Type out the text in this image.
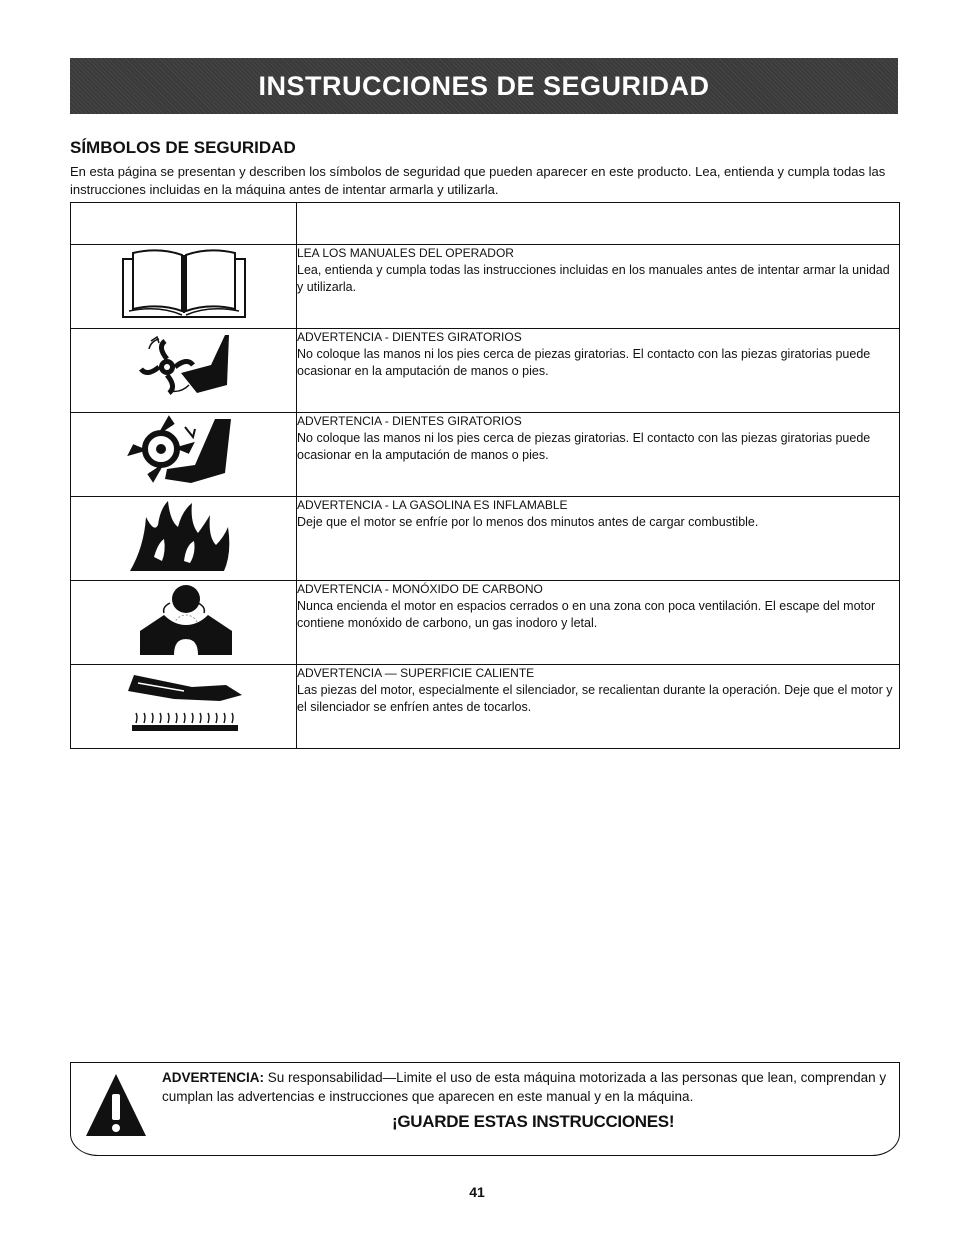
INSTRUCCIONES DE SEGURIDAD
SÍMBOLOS DE SEGURIDAD
En esta página se presentan y describen los símbolos de seguridad que pueden aparecer en este producto. Lea, entienda y cumpla todas las instrucciones incluidas en la máquina antes de intentar armarla y utilizarla.

LEA LOS MANUALES DEL OPERADOR
Lea, entienda y cumpla todas las instrucciones incluidas en los manuales antes de intentar armar la unidad y utilizarla.

ADVERTENCIA - DIENTES GIRATORIOS
No coloque las manos ni los pies cerca de piezas giratorias. El contacto con las piezas giratorias puede ocasionar en la amputación de manos o pies.

ADVERTENCIA - DIENTES GIRATORIOS
No coloque las manos ni los pies cerca de piezas giratorias. El contacto con las piezas giratorias puede ocasionar en la amputación de manos o pies.

ADVERTENCIA - LA GASOLINA ES INFLAMABLE
Deje que el motor se enfríe por lo menos dos minutos antes de cargar combustible.

ADVERTENCIA - MONÓXIDO DE CARBONO
Nunca encienda el motor en espacios cerrados o en una zona con poca ventilación. El escape del motor contiene monóxido de carbono, un gas inodoro y letal.

ADVERTENCIA — SUPERFICIE CALIENTE
Las piezas del motor, especialmente el silenciador, se recalientan durante la operación. Deje que el motor y el silenciador se enfríen antes de tocarlos.
ADVERTENCIA: Su responsabilidad—Limite el uso de esta máquina motorizada a las personas que lean, comprendan y cumplan las advertencias e instrucciones que aparecen en este manual y en la máquina.
¡GUARDE ESTAS INSTRUCCIONES!
41
